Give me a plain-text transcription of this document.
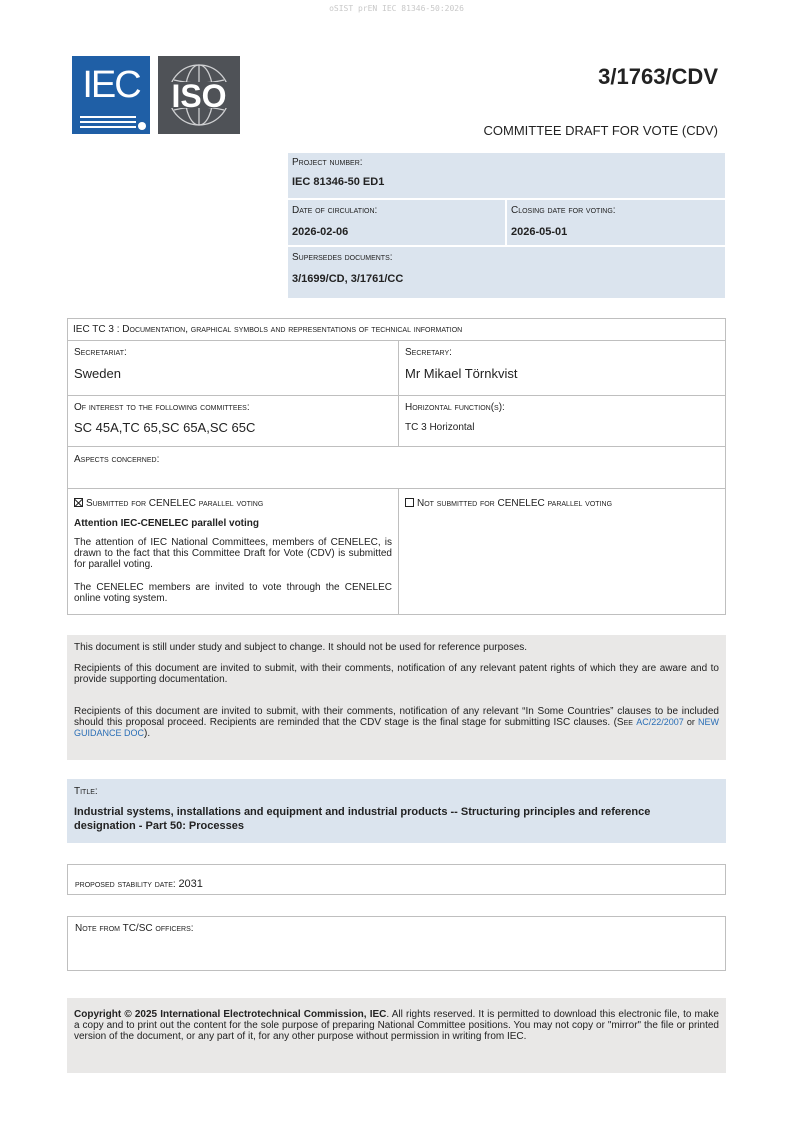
oSIST prEN IEC 81346-50:2026
IEC ISO
3/1763/CDV
COMMITTEE DRAFT FOR VOTE (CDV)
Project number:
IEC 81346-50 ED1
Date of circulation:
2026-02-06
Closing date for voting:
2026-05-01
Supersedes documents:
3/1699/CD, 3/1761/CC
IEC TC 3 : Documentation, graphical symbols and representations of technical information
Secretariat:
Sweden
Secretary:
Mr Mikael Törnkvist
Of interest to the following committees:
SC 45A,TC 65,SC 65A,SC 65C
Horizontal function(s):
TC 3 Horizontal
Aspects concerned:
Submitted for CENELEC parallel voting
Attention IEC-CENELEC parallel voting
The attention of IEC National Committees, members of CENELEC, is drawn to the fact that this Committee Draft for Vote (CDV) is submitted for parallel voting.
The CENELEC members are invited to vote through the CENELEC online voting system.
Not submitted for CENELEC parallel voting
This document is still under study and subject to change. It should not be used for reference purposes.
Recipients of this document are invited to submit, with their comments, notification of any relevant patent rights of which they are aware and to provide supporting documentation.
Recipients of this document are invited to submit, with their comments, notification of any relevant “In Some Countries” clauses to be included should this proposal proceed. Recipients are reminded that the CDV stage is the final stage for submitting ISC clauses. (See AC/22/2007 or NEW GUIDANCE DOC).
Title:
Industrial systems, installations and equipment and industrial products -- Structuring principles and reference designation - Part 50: Processes
proposed stability date: 2031
Note from TC/SC officers:
Copyright © 2025 International Electrotechnical Commission, IEC. All rights reserved. It is permitted to download this electronic file, to make a copy and to print out the content for the sole purpose of preparing National Committee positions. You may not copy or "mirror" the file or printed version of the document, or any part of it, for any other purpose without permission in writing from IEC.
